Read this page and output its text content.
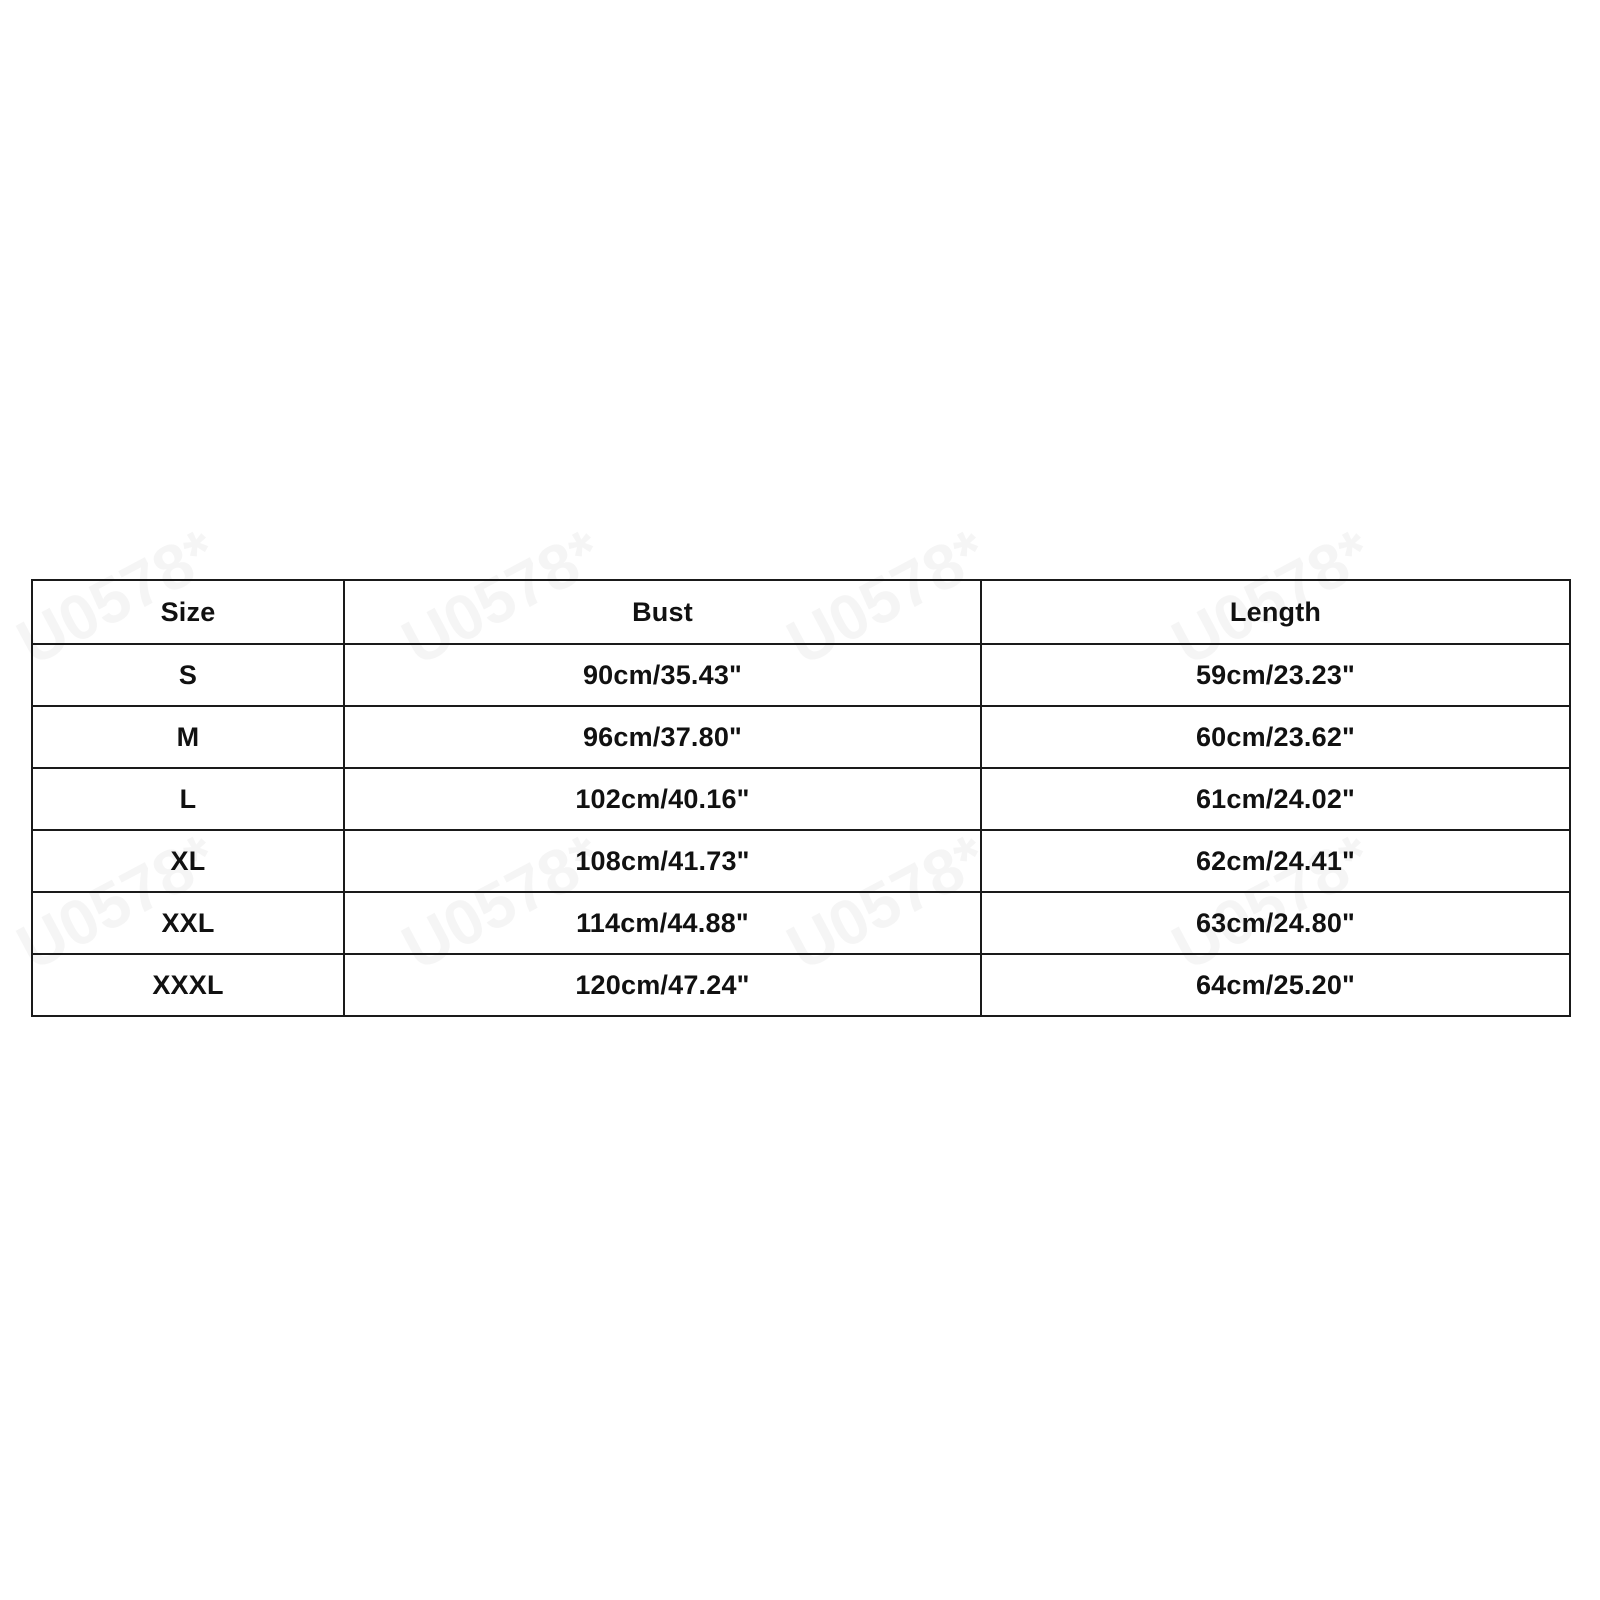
Size	Bust	Length
S	90cm/35.43"	59cm/23.23"
M	96cm/37.80"	60cm/23.62"
L	102cm/40.16"	61cm/24.02"
XL	108cm/41.73"	62cm/24.41"
XXL	114cm/44.88"	63cm/24.80"
XXXL	120cm/47.24"	64cm/25.20"
